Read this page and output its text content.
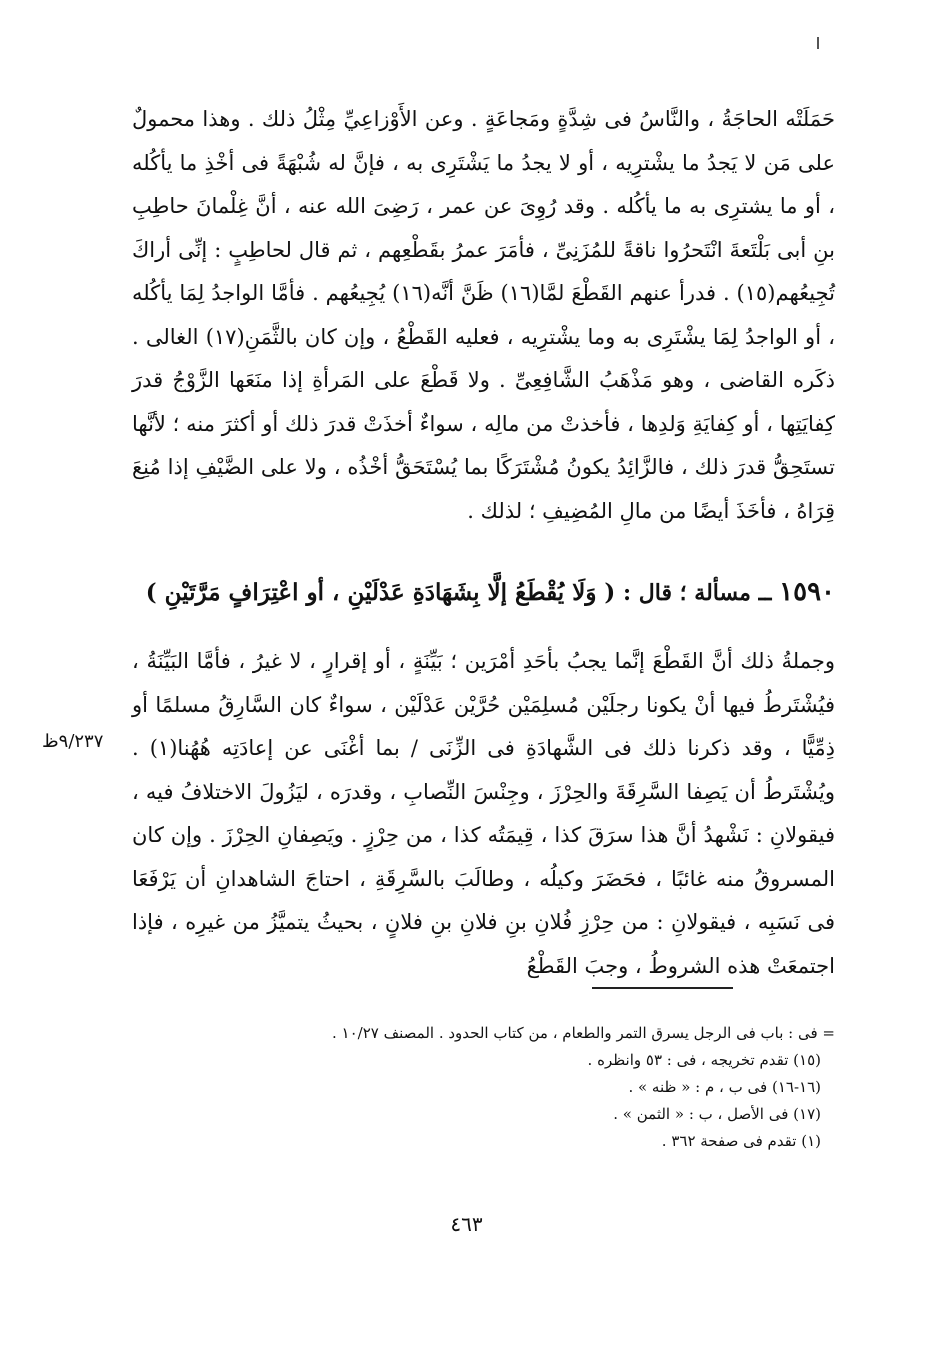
حَمَلَتْه الحاجَةُ ، والنَّاسُ فى شِدَّةٍ ومَجاعَةٍ . وعن الأَوْزاعِيِّ مِثْلُ ذلك . وهذا محمولٌ على مَن لا يَجدُ ما يشْترِيه ، أو لا يجدُ ما يَشْتَرِى به ، فإنَّ له شُبْهَةً فى أخْذِ ما يأكُله ، أو ما يشترِى به ما يأكُله . وقد رُوِىَ عن عمر ، رَضِىَ الله عنه ، أنَّ غِلْمانَ حاطِبِ بنِ أبى بَلْتَعةَ انْتَحرُوا ناقةً للمُزَنِىِّ ، فأمَرَ عمرُ بقَطْعِهم ، ثم قال لحاطِبٍ : إنِّى أراكَ تُجِيعُهم(١٥) . فدرأ عنهم القَطْعَ لمَّا(١٦) ظَنَّ أنَّه(١٦) يُجِيعُهم . فأمَّا الواجدُ لِمَا يأكُله ، أو الواجدُ لِمَا يشْتَرِى به وما يشْترِيه ، فعليه القَطْعُ ، وإن كان بالثَّمَنِ(١٧) الغالى . ذكَره القاضى ، وهو مَذْهَبُ الشَّافِعِىِّ . ولا قَطْعَ على المَرأةِ إذا منَعَها الزَّوْجُ قدرَ كِفايَتِها ، أو كِفايَةِ وَلدِها ، فأخذتْ من مالِه ، سواءٌ أخذَتْ قدرَ ذلك أو أكثرَ منه ؛ لأنَّها تستَحِقُّ قدرَ ذلك ، فالزَّائِدُ يكونُ مُشْتَرَكًا بما يُسْتَحَقُّ أخْذُه ، ولا على الضَّيْفِ إذا مُنِعَ قِرَاهُ ، فأخَذَ أيضًا من مالِ المُضِيفِ ؛ لذلك .

١٥٩٠ ــ مسألة ؛ قال : ( وَلَا يُقْطَعُ إلَّا بِشَهَادَةِ عَدْلَيْنِ ، أو اعْتِرَافٍ مَرَّتَيْنِ )
٩/٢٣٧ظ

وجملةُ ذلك أنَّ القَطْعَ إنَّما يجبُ بأحَدِ أمْرَين ؛ بَيِّنَةٍ ، أو إقرارٍ ، لا غيرُ ، فأمَّا البَيِّنَةُ ، فيُشْتَرطُ فيها أنْ يكونا رجلَيْن مُسلِمَيْن حُرَّيْن عَدْلَيْن ، سواءٌ كان السَّارِقُ مسلمًا أو ذِمِّيًّا ، وقد ذكرنا ذلك فى الشَّهادَةِ فى الزِّنَى / بما أغْنَى عن إعادَتِه هُهُنا(١) . ويُشْتَرطُ أن يَصِفا السَّرِقَةَ والحِرْزَ ، وجِنْسَ النِّصابِ ، وقدرَه ، ليَزُولَ الاختلافُ فيه ، فيقولانِ : نَشْهدُ أنَّ هذا سرَقَ كذا ، قِيمَتُه كذا ، من حِرْزٍ . ويَصِفانِ الحِرْزَ . وإن كان المسروقُ منه غائبًا ، فحَضَرَ وكيلُه ، وطالَبَ بالسَّرِقَةِ ، احتاجَ الشاهدانِ أن يَرْفَعَا فى نَسَبِه ، فيقولانِ : من حِرْزِ فُلانِ بنِ فلانِ بنِ فلانٍ ، بحيثُ يتميَّزُ من غيرِه ، فإذا اجتمعَتْ هذه الشروطُ ، وجبَ القَطْعُ

= فى : باب فى الرجل يسرق التمر والطعام ، من كتاب الحدود . المصنف ١٠/٢٧ .
(١٥) تقدم تخريجه ، فى : ٥٣ وانظره .
(١٦-١٦) فى ب ، م : « ظنه » .
(١٧) فى الأصل ، ب : « الثمن » .
(١) تقدم فى صفحة ٣٦٢ .
٤٦٣
